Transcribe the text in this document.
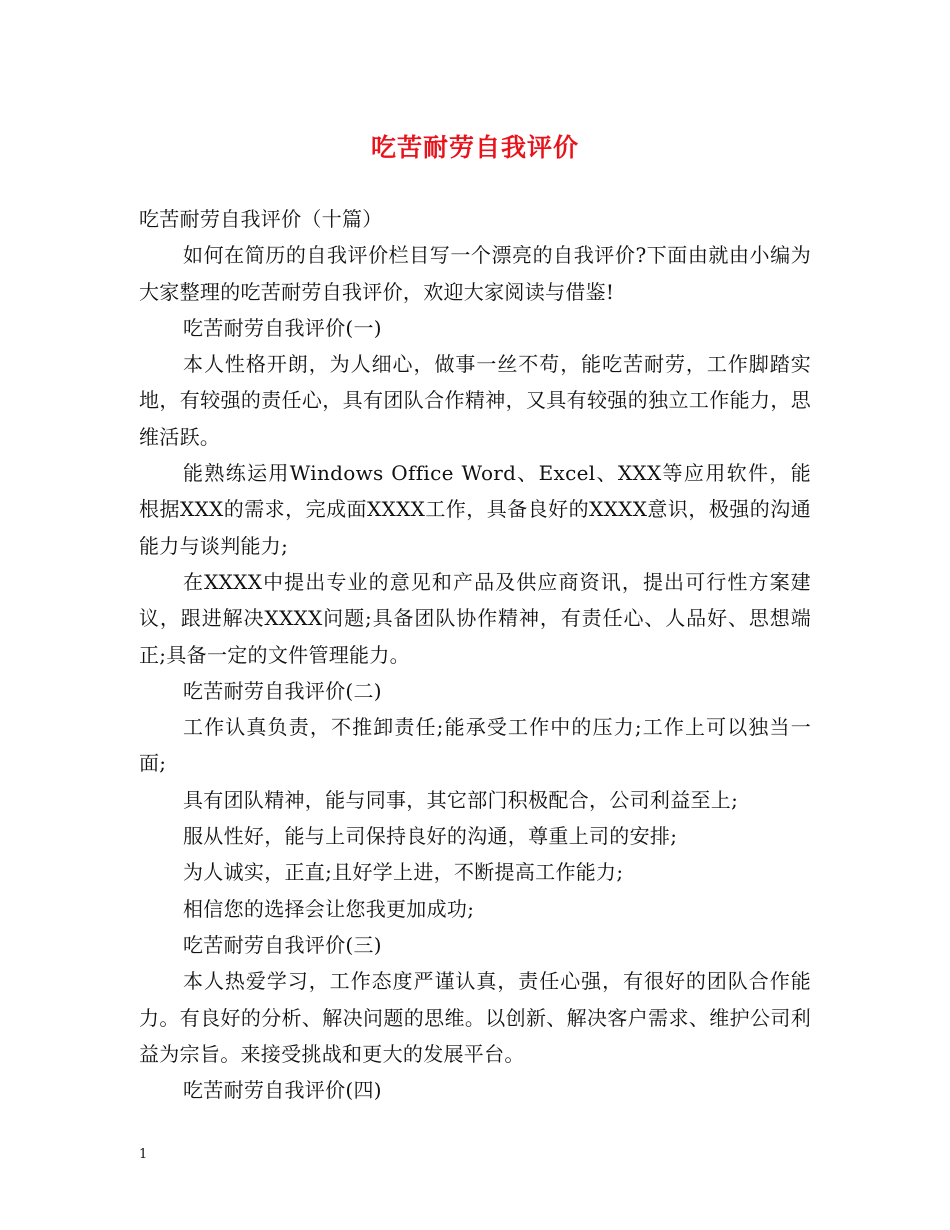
吃苦耐劳自我评价

吃苦耐劳自我评价（十篇）

如何在简历的自我评价栏目写一个漂亮的自我评价?下面由就由小编为大家整理的吃苦耐劳自我评价，欢迎大家阅读与借鉴!

吃苦耐劳自我评价(一)

本人性格开朗，为人细心，做事一丝不苟，能吃苦耐劳，工作脚踏实地，有较强的责任心，具有团队合作精神，又具有较强的独立工作能力，思维活跃。

能熟练运用Windows Office Word、Excel、XXX等应用软件，能根据XXX的需求，完成面XXXX工作，具备良好的XXXX意识，极强的沟通能力与谈判能力;

在XXXX中提出专业的意见和产品及供应商资讯，提出可行性方案建议，跟进解决XXXX问题;具备团队协作精神，有责任心、人品好、思想端正;具备一定的文件管理能力。

吃苦耐劳自我评价(二)

工作认真负责，不推卸责任;能承受工作中的压力;工作上可以独当一面;

具有团队精神，能与同事，其它部门积极配合，公司利益至上;

服从性好，能与上司保持良好的沟通，尊重上司的安排;

为人诚实，正直;且好学上进，不断提高工作能力;

相信您的选择会让您我更加成功;

吃苦耐劳自我评价(三)

本人热爱学习，工作态度严谨认真，责任心强，有很好的团队合作能力。有良好的分析、解决问题的思维。以创新、解决客户需求、维护公司利益为宗旨。来接受挑战和更大的发展平台。

吃苦耐劳自我评价(四)

1
